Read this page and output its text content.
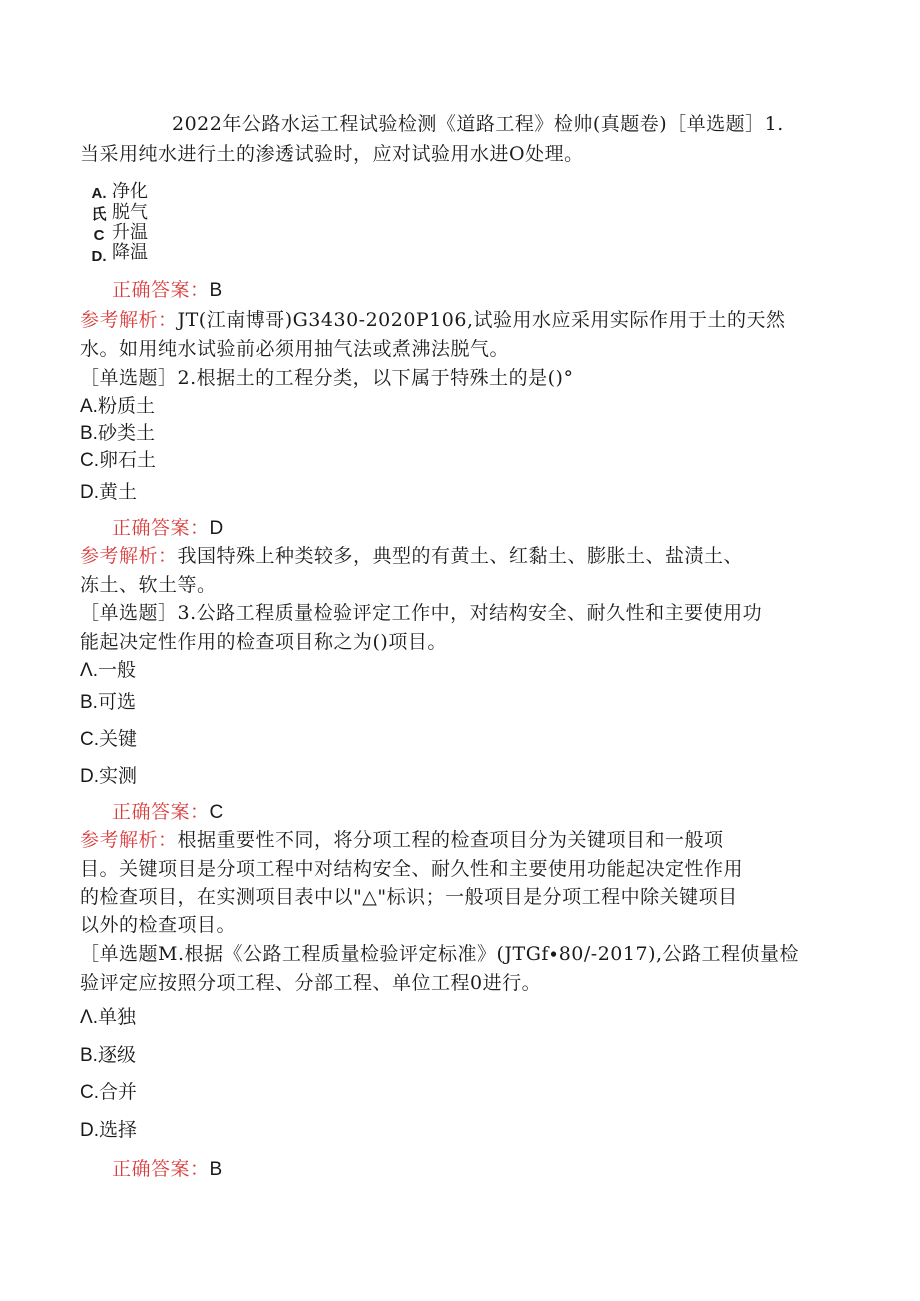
2022年公路水运工程试验检测《道路工程》检帅(真题卷)［单选题］1.
当采用纯水进行土的渗透试验时，应对试验用水进O处理。
A.
氏
C
D.
净化
脱气
升温
降温
正确答案：B
参考解析：JT(江南博哥)G3430-2020P106,试验用水应采用实际作用于土的天然
水。如用纯水试验前必须用抽气法或煮沸法脱气。
［单选题］2.根据土的工程分类，以下属于特殊土的是()°
A.粉质土
B.砂类土
C.卵石土
D.黄土
正确答案：D
参考解析：我国特殊上种类较多，典型的有黄土、红黏土、膨胀土、盐渍土、
冻土、软土等。
［单选题］3.公路工程质量检验评定工作中，对结构安全、耐久性和主要使用功
能起决定性作用的检查项目称之为()项目。
Λ.一般
B.可选
C.关键
D.实测
正确答案：C
参考解析：根据重要性不同，将分项工程的检查项目分为关键项目和一般项
目。关键项目是分项工程中对结构安全、耐久性和主要使用功能起决定性作用
的检查项目，在实测项目表中以"△"标识；一般项目是分项工程中除关键项目
以外的检查项目。
［单选题M.根据《公路工程质量检验评定标准》(JTGf∙80∕-2017),公路工程侦量检
验评定应按照分项工程、分部工程、单位工程0进行。
Λ.单独
B.逐级
C.合并
D.选择
正确答案：B
